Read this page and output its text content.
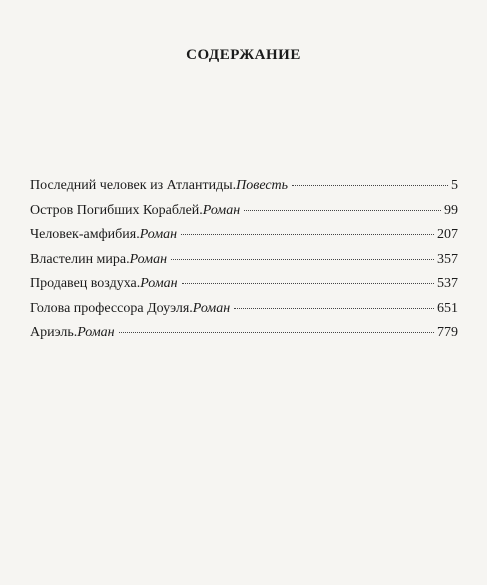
СОДЕРЖАНИЕ
Последний человек из Атлантиды. Повесть	5
Остров Погибших Кораблей. Роман	99
Человек-амфибия. Роман	207
Властелин мира. Роман	357
Продавец воздуха. Роман	537
Голова профессора Доуэля. Роман	651
Ариэль. Роман	779
